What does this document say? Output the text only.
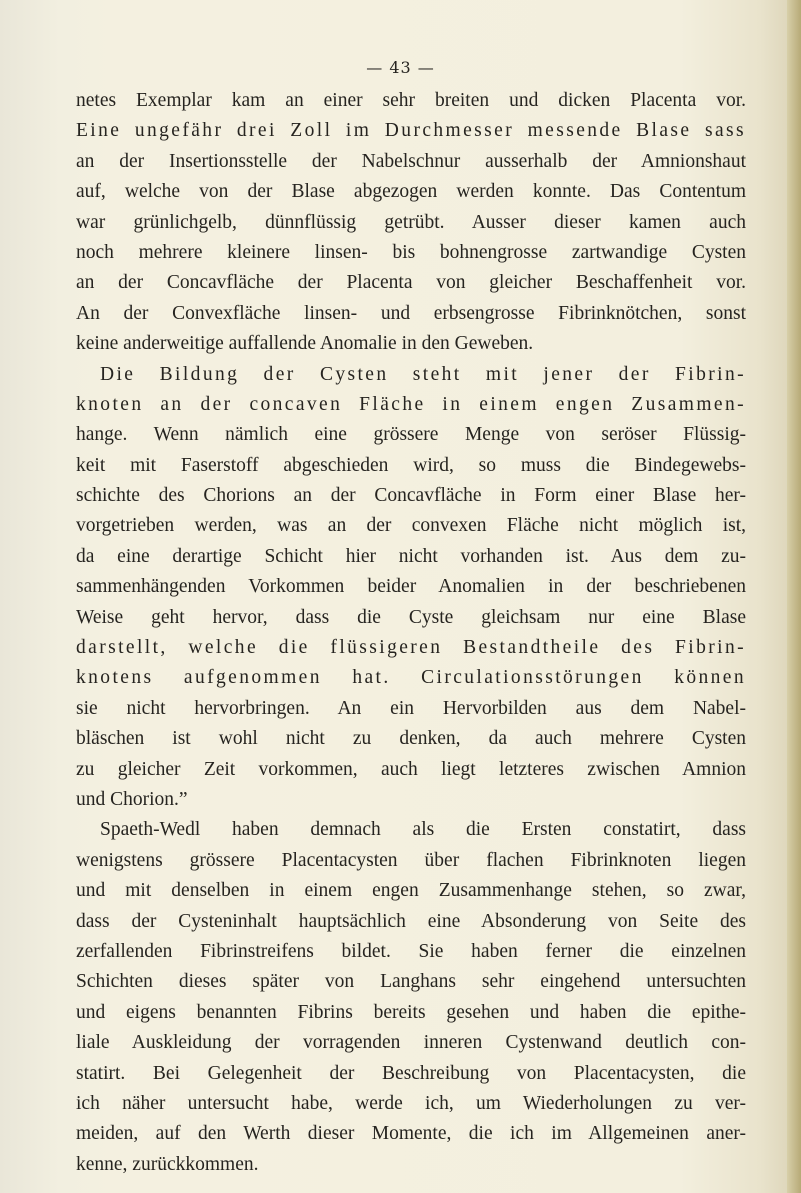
— 43 —
netes Exemplar kam an einer sehr breiten und dicken Placenta vor.
Eine ungefähr drei Zoll im Durchmesser messende Blase sass
an der Insertionsstelle der Nabelschnur ausserhalb der Amnionshaut
auf, welche von der Blase abgezogen werden konnte. Das Contentum
war grünlichgelb, dünnflüssig getrübt. Ausser dieser kamen auch
noch mehrere kleinere linsen- bis bohnengrosse zartwandige Cysten
an der Concavfläche der Placenta von gleicher Beschaffenheit vor.
An der Convexfläche linsen- und erbsengrosse Fibrinknötchen, sonst
keine anderweitige auffallende Anomalie in den Geweben.
Die Bildung der Cysten steht mit jener der Fibrin-
knoten an der concaven Fläche in einem engen Zusammen-
hange. Wenn nämlich eine grössere Menge von seröser Flüssig-
keit mit Faserstoff abgeschieden wird, so muss die Bindegewebs-
schichte des Chorions an der Concavfläche in Form einer Blase her-
vorgetrieben werden, was an der convexen Fläche nicht möglich ist,
da eine derartige Schicht hier nicht vorhanden ist. Aus dem zu-
sammenhängenden Vorkommen beider Anomalien in der beschriebenen
Weise geht hervor, dass die Cyste gleichsam nur eine Blase
darstellt, welche die flüssigeren Bestandtheile des Fibrin-
knotens aufgenommen hat. Circulationsstörungen können
sie nicht hervorbringen. An ein Hervorbilden aus dem Nabel-
bläschen ist wohl nicht zu denken, da auch mehrere Cysten
zu gleicher Zeit vorkommen, auch liegt letzteres zwischen Amnion
und Chorion.”
Spaeth-Wedl haben demnach als die Ersten constatirt, dass
wenigstens grössere Placentacysten über flachen Fibrinknoten liegen
und mit denselben in einem engen Zusammenhange stehen, so zwar,
dass der Cysteninhalt hauptsächlich eine Absonderung von Seite des
zerfallenden Fibrinstreifens bildet. Sie haben ferner die einzelnen
Schichten dieses später von Langhans sehr eingehend untersuchten
und eigens benannten Fibrins bereits gesehen und haben die epithe-
liale Auskleidung der vorragenden inneren Cystenwand deutlich con-
statirt. Bei Gelegenheit der Beschreibung von Placentacysten, die
ich näher untersucht habe, werde ich, um Wiederholungen zu ver-
meiden, auf den Werth dieser Momente, die ich im Allgemeinen aner-
kenne, zurückkommen.
